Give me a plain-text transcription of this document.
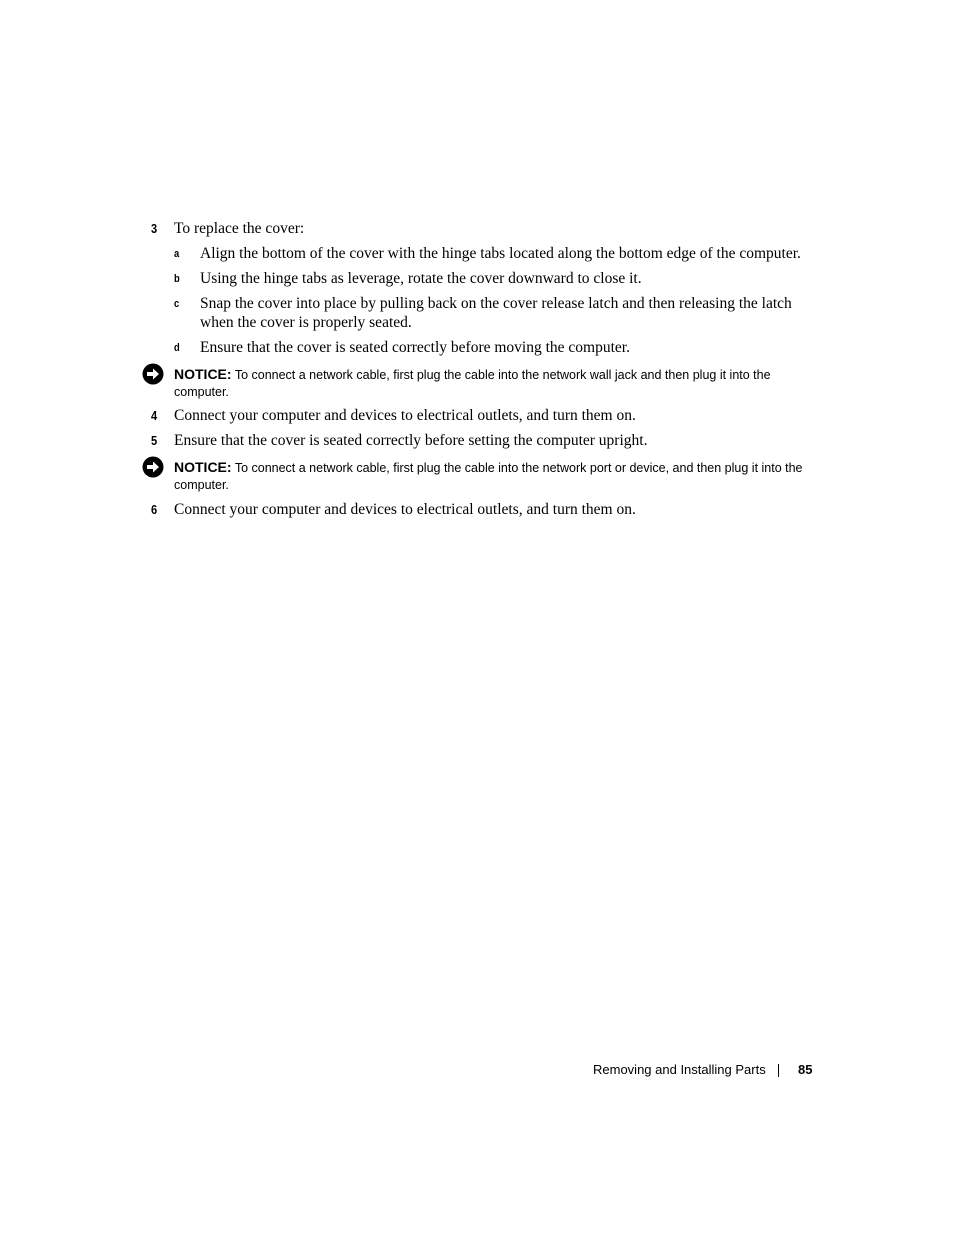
3 To replace the cover:
a Align the bottom of the cover with the hinge tabs located along the bottom edge of the computer.
b Using the hinge tabs as leverage, rotate the cover downward to close it.
c Snap the cover into place by pulling back on the cover release latch and then releasing the latch when the cover is properly seated.
d Ensure that the cover is seated correctly before moving the computer.
NOTICE: To connect a network cable, first plug the cable into the network wall jack and then plug it into the computer.
4 Connect your computer and devices to electrical outlets, and turn them on.
5 Ensure that the cover is seated correctly before setting the computer upright.
NOTICE: To connect a network cable, first plug the cable into the network port or device, and then plug it into the computer.
6 Connect your computer and devices to electrical outlets, and turn them on.
Removing and Installing Parts 85
